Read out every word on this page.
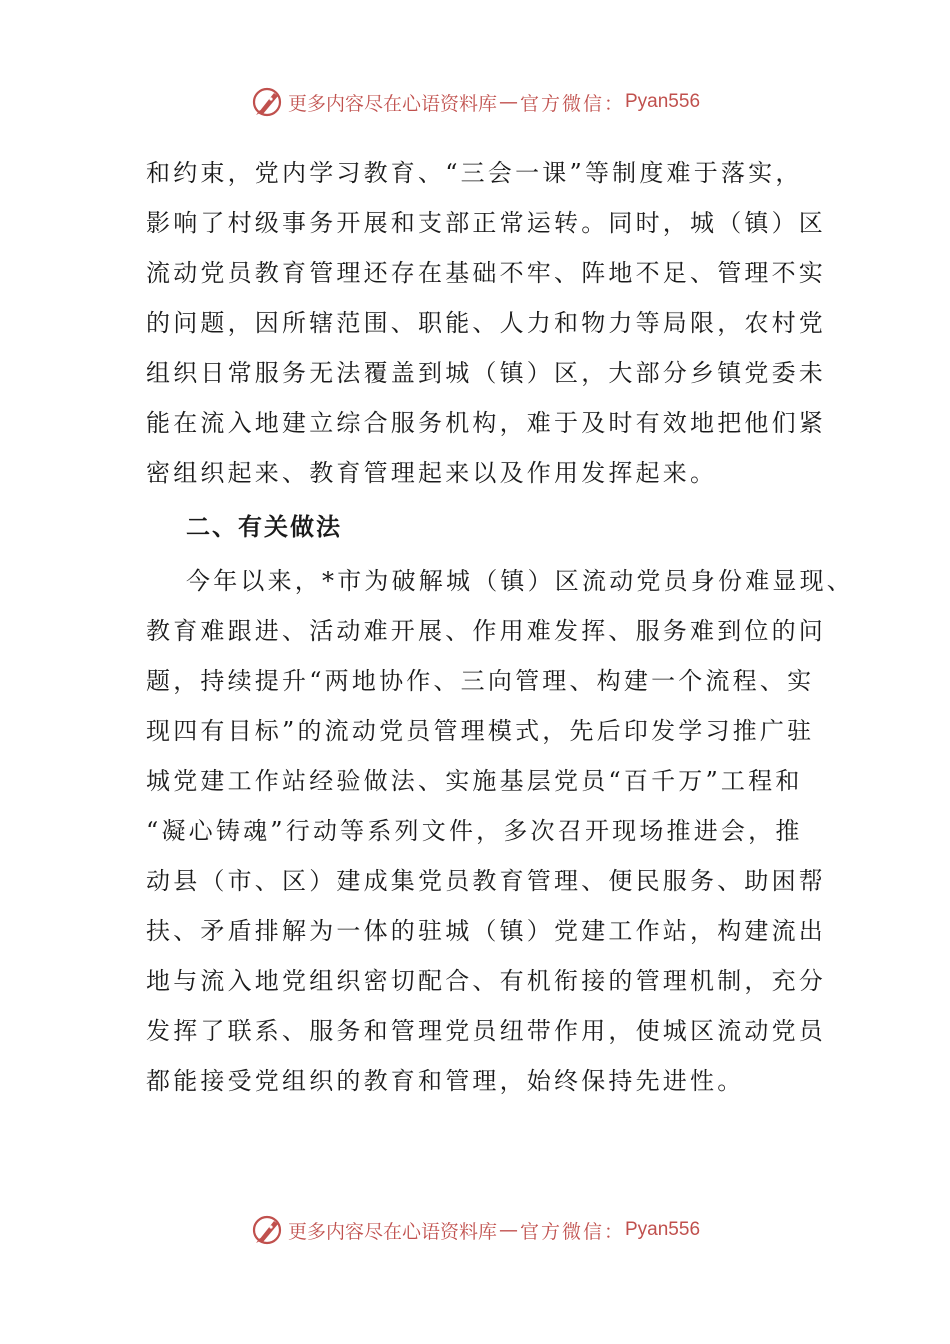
更多内容尽在心语资料库 — 官方微信： Pyan556
和约束，党内学习教育、“三会一课”等制度难于落实，
影响了村级事务开展和支部正常运转。同时，城（镇）区
流动党员教育管理还存在基础不牢、阵地不足、管理不实
的问题，因所辖范围、职能、人力和物力等局限，农村党
组织日常服务无法覆盖到城（镇）区，大部分乡镇党委未
能在流入地建立综合服务机构，难于及时有效地把他们紧
密组织起来、教育管理起来以及作用发挥起来。
二、有关做法
今年以来，*市为破解城（镇）区流动党员身份难显现、
教育难跟进、活动难开展、作用难发挥、服务难到位的问
题，持续提升“两地协作、三向管理、构建一个流程、实
现四有目标”的流动党员管理模式，先后印发学习推广驻
城党建工作站经验做法、实施基层党员“百千万”工程和
“凝心铸魂”行动等系列文件，多次召开现场推进会，推
动县（市、区）建成集党员教育管理、便民服务、助困帮
扶、矛盾排解为一体的驻城（镇）党建工作站，构建流出
地与流入地党组织密切配合、有机衔接的管理机制，充分
发挥了联系、服务和管理党员纽带作用，使城区流动党员
都能接受党组织的教育和管理，始终保持先进性。
更多内容尽在心语资料库 — 官方微信： Pyan556
